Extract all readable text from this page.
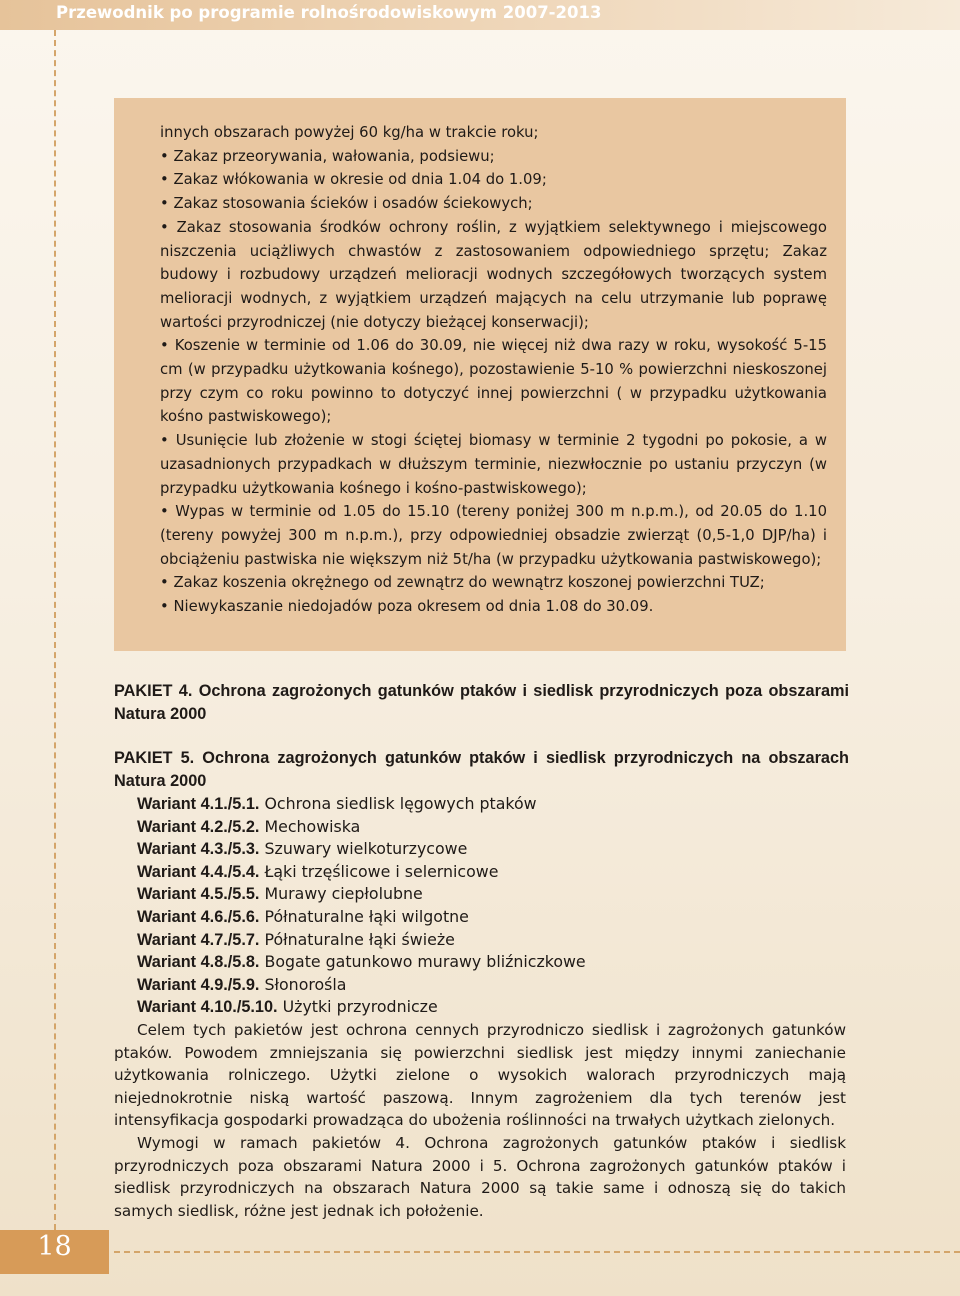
Przewodnik po programie rolnośrodowiskowym 2007-2013
18

innych obszarach powyżej 60 kg/ha w trakcie roku;

• Zakaz przeorywania, wałowania, podsiewu;

• Zakaz włókowania w okresie od dnia 1.04 do 1.09;

• Zakaz stosowania ścieków i osadów ściekowych;

• Zakaz stosowania środków ochrony roślin, z wyjątkiem selektywnego i miejscowego niszczenia uciążliwych chwastów z zastosowaniem odpowiedniego sprzętu; Zakaz budowy i rozbudowy urządzeń melioracji wodnych szczegółowych tworzących system melioracji wodnych, z wyjątkiem urządzeń mających na celu utrzymanie lub poprawę wartości przyrodniczej (nie dotyczy bieżącej konserwacji);

• Koszenie w terminie od 1.06 do 30.09, nie więcej niż dwa razy w roku, wysokość 5-15 cm (w przypadku użytkowania kośnego), pozostawienie 5-10 % powierzchni nieskoszonej przy czym co roku powinno to dotyczyć innej powierzchni ( w przypadku użytkowania kośno pastwiskowego);

• Usunięcie lub złożenie w stogi ściętej biomasy w terminie 2 tygodni po pokosie, a w uzasadnionych przypadkach w dłuższym terminie, niezwłocznie po ustaniu przyczyn (w przypadku użytkowania kośnego i kośno-pastwiskowego);

• Wypas w terminie od 1.05 do 15.10 (tereny poniżej 300 m n.p.m.), od 20.05 do 1.10 (tereny powyżej 300 m n.p.m.), przy odpowiedniej obsadzie zwierząt (0,5-1,0 DJP/ha) i obciążeniu pastwiska nie większym niż 5t/ha (w przypadku użytkowania pastwiskowego);

• Zakaz koszenia okrężnego od zewnątrz do wewnątrz koszonej powierzchni TUZ;

• Niewykaszanie niedojadów poza okresem od dnia 1.08 do 30.09.

PAKIET 4. Ochrona zagrożonych gatunków ptaków i siedlisk przyrodniczych poza obszarami Natura 2000
PAKIET 5. Ochrona zagrożonych gatunków ptaków i siedlisk przyrodniczych na obszarach Natura 2000
Wariant 4.1./5.1. Ochrona siedlisk lęgowych ptaków
Wariant 4.2./5.2. Mechowiska
Wariant 4.3./5.3. Szuwary wielkoturzycowe
Wariant 4.4./5.4. Łąki trzęślicowe i selernicowe
Wariant 4.5./5.5. Murawy ciepłolubne
Wariant 4.6./5.6. Półnaturalne łąki wilgotne
Wariant 4.7./5.7. Półnaturalne łąki świeże
Wariant 4.8./5.8. Bogate gatunkowo murawy bliźniczkowe
Wariant 4.9./5.9. Słonorośla
Wariant 4.10./5.10. Użytki przyrodnicze

Celem tych pakietów jest ochrona cennych przyrodniczo siedlisk i zagrożonych gatunków ptaków. Powodem zmniejszania się powierzchni siedlisk jest między innymi zaniechanie użytkowania rolniczego. Użytki zielone o wysokich walorach przyrodniczych mają niejednokrotnie niską wartość paszową. Innym zagrożeniem dla tych terenów jest intensyfikacja gospodarki prowadząca do ubożenia roślinności na trwałych użytkach zielonych.

Wymogi w ramach pakietów 4. Ochrona zagrożonych gatunków ptaków i siedlisk przyrodniczych poza obszarami Natura 2000 i 5. Ochrona zagrożonych gatunków ptaków i siedlisk przyrodniczych na obszarach Natura 2000 są takie same i odnoszą się do takich samych siedlisk, różne jest jednak ich położenie.
